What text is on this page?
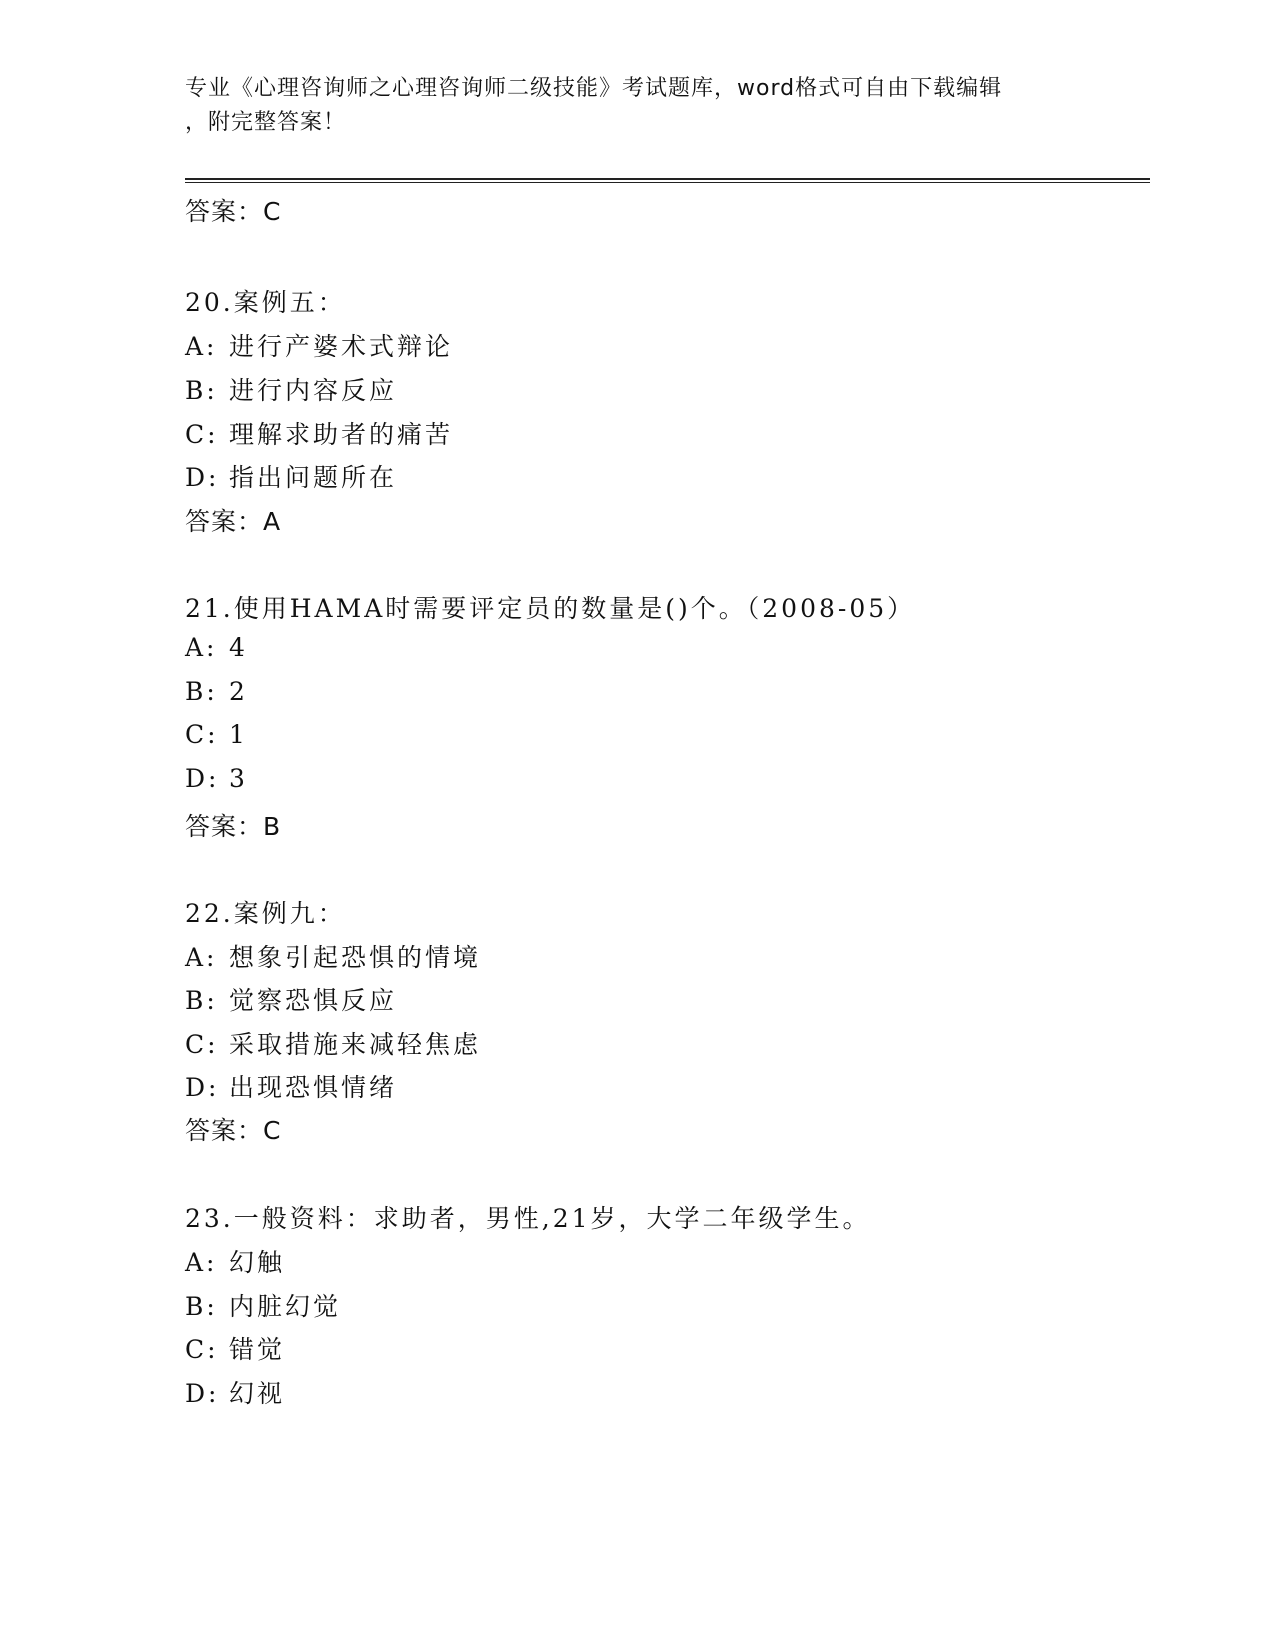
专业《心理咨询师之心理咨询师二级技能》考试题库，word格式可自由下载编辑
，附完整答案！
答案：C
20.案例五：
A: 进行产婆术式辩论
B: 进行内容反应
C: 理解求助者的痛苦
D: 指出问题所在
答案：A
21.使用HAMA时需要评定员的数量是()个。（2008-05）
A: 4
B: 2
C: 1
D: 3
答案：B
22.案例九：
A: 想象引起恐惧的情境
B: 觉察恐惧反应
C: 采取措施来减轻焦虑
D: 出现恐惧情绪
答案：C
23.一般资料：求助者，男性,21岁，大学二年级学生。
A: 幻触
B: 内脏幻觉
C: 错觉
D: 幻视
